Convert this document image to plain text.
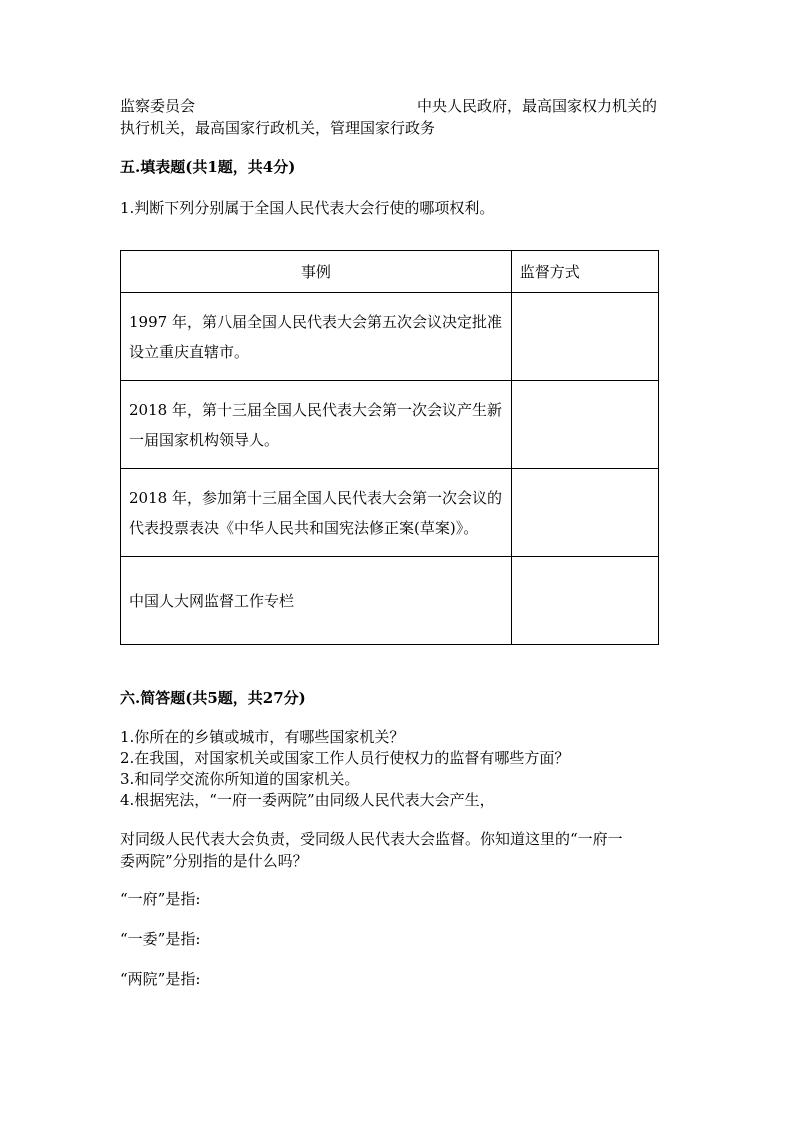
监察委员会	中央人民政府，最高国家权力机关的
执行机关，最高国家行政机关，管理国家行政务
五.填表题(共1题，共4分)
1.判断下列分别属于全国人民代表大会行使的哪项权利。
事例	监督方式
1997 年，第八届全国人民代表大会第五次会议决定批准设立重庆直辖市。	
2018 年，第十三届全国人民代表大会第一次会议产生新一届国家机构领导人。	
2018 年，参加第十三届全国人民代表大会第一次会议的代表投票表决《中华人民共和国宪法修正案(草案)》。	
中国人大网监督工作专栏	
六.简答题(共5题，共27分)
1.你所在的乡镇或城市，有哪些国家机关？
2.在我国，对国家机关或国家工作人员行使权力的监督有哪些方面？
3.和同学交流你所知道的国家机关。
4.根据宪法，“一府一委两院”由同级人民代表大会产生，
对同级人民代表大会负责，受同级人民代表大会监督。你知道这里的“一府一
委两院”分别指的是什么吗？
“一府”是指:
“一委”是指:
“两院”是指:
